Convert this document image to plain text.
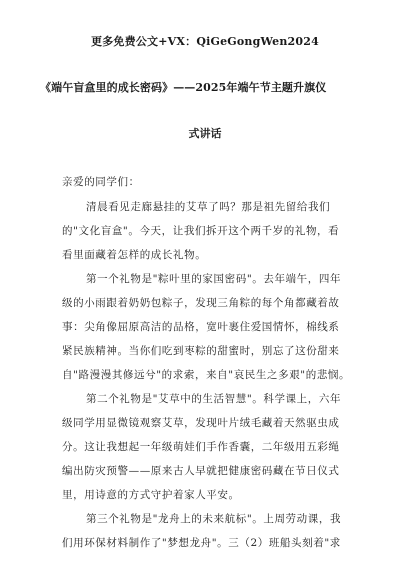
更多免费公文+VX：QiGeGongWen2024
《端午盲盒里的成长密码》——2025年端午节主题升旗仪
式讲话
亲爱的同学们：
清晨看见走廊悬挂的艾草了吗？那是祖先留给我们
的"文化盲盒"。今天，让我们拆开这个两千岁的礼物，看
看里面藏着怎样的成长礼物。
第一个礼物是"粽叶里的家国密码"。去年端午，四年
级的小雨跟着奶奶包粽子，发现三角粽的每个角都藏着故
事：尖角像屈原高洁的品格，宽叶裹住爱国情怀，棉线系
紧民族精神。当你们吃到枣粽的甜蜜时，别忘了这份甜来
自"路漫漫其修远兮"的求索，来自"哀民生之多艰"的悲悯。
第二个礼物是"艾草中的生活智慧"。科学课上，六年
级同学用显微镜观察艾草，发现叶片绒毛藏着天然驱虫成
分。这让我想起一年级萌娃们手作香囊，二年级用五彩绳
编出防灾预警——原来古人早就把健康密码藏在节日仪式
里，用诗意的方式守护着家人平安。
第三个礼物是"龙舟上的未来航标"。上周劳动课，我
们用环保材料制作了"梦想龙舟"。三（2）班船头刻着"求
